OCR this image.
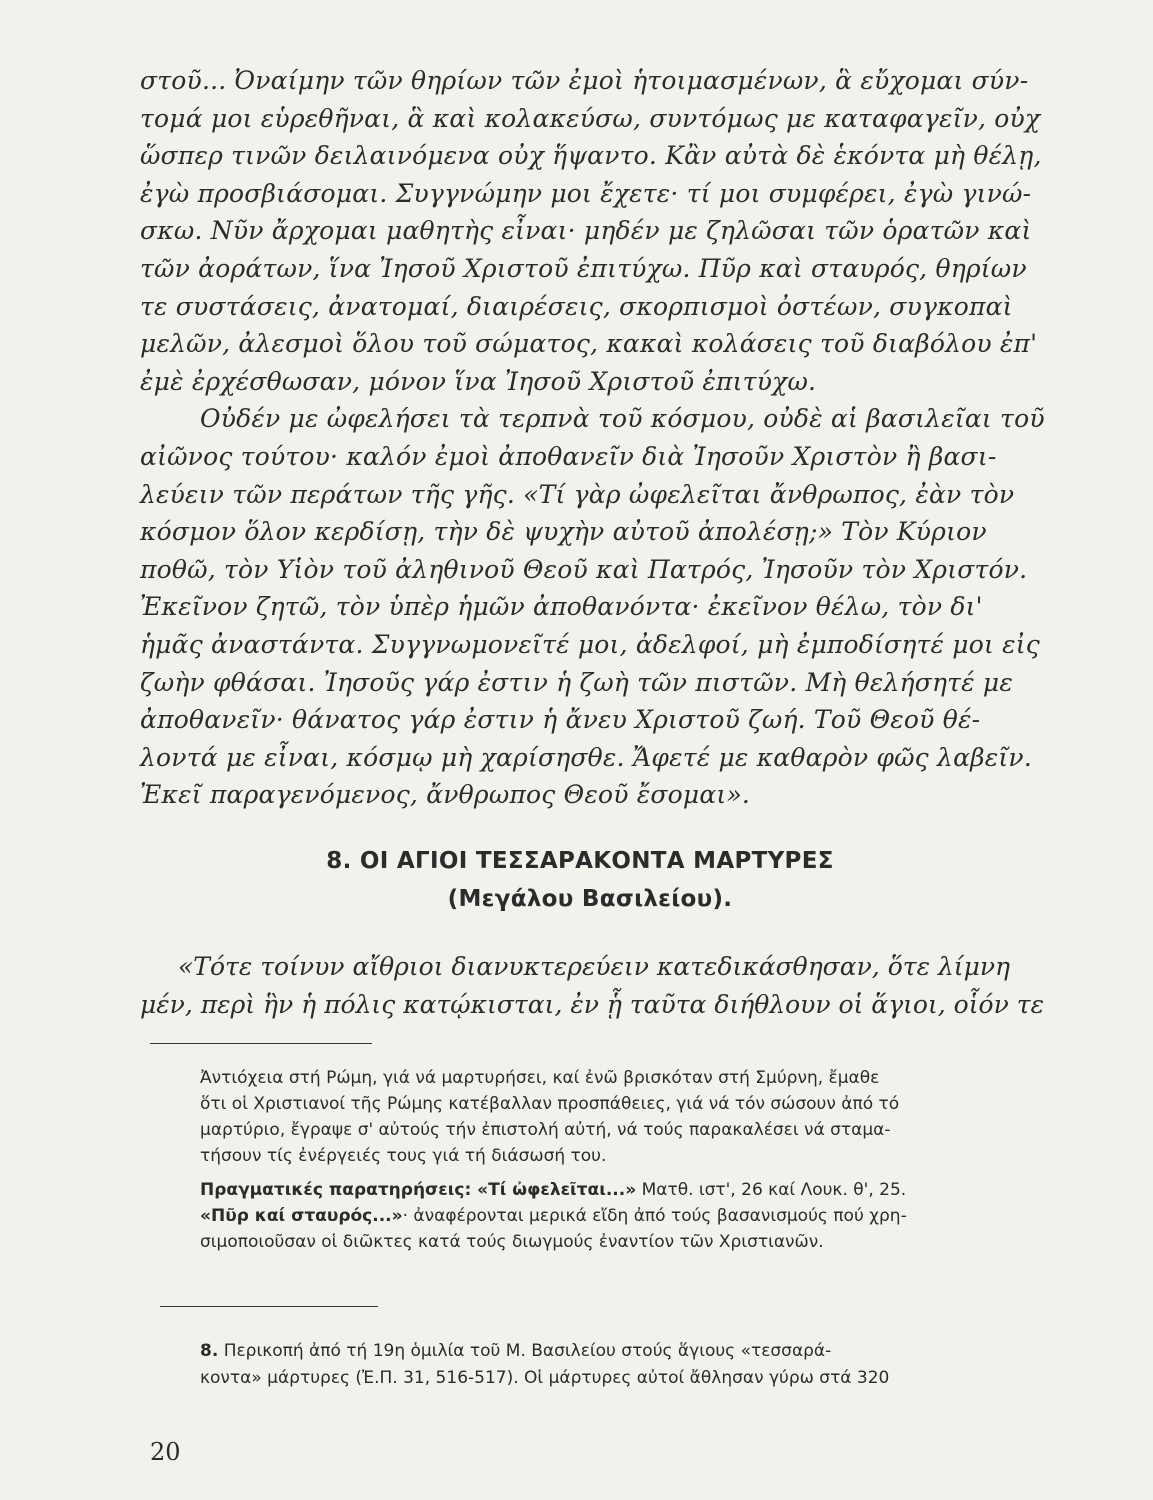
στοῦ... Ὀναίμην τῶν θηρίων τῶν ἐμοὶ ἡτοιμασμένων, ἃ εὔχομαι σύν-
τομά μοι εὑρεθῆναι, ἃ καὶ κολακεύσω, συντόμως με καταφαγεῖν, οὐχ
ὥσπερ τινῶν δειλαινόμενα οὐχ ἥψαντο. Κἂν αὐτὰ δὲ ἑκόντα μὴ θέλῃ,
ἐγὼ προσβιάσομαι. Συγγνώμην μοι ἔχετε· τί μοι συμφέρει, ἐγὼ γινώ-
σκω. Νῦν ἄρχομαι μαθητὴς εἶναι· μηδέν με ζηλῶσαι τῶν ὁρατῶν καὶ
τῶν ἀοράτων, ἵνα Ἰησοῦ Χριστοῦ ἐπιτύχω. Πῦρ καὶ σταυρός, θηρίων
τε συστάσεις, ἀνατομαί, διαιρέσεις, σκορπισμοὶ ὀστέων, συγκοπαὶ
μελῶν, ἀλεσμοὶ ὅλου τοῦ σώματος, κακαὶ κολάσεις τοῦ διαβόλου ἐπ'
ἐμὲ ἐρχέσθωσαν, μόνον ἵνα Ἰησοῦ Χριστοῦ ἐπιτύχω.
Οὐδέν με ὠφελήσει τὰ τερπνὰ τοῦ κόσμου, οὐδὲ αἱ βασιλεῖαι τοῦ
αἰῶνος τούτου· καλόν ἐμοὶ ἀποθανεῖν διὰ Ἰησοῦν Χριστὸν ἢ βασι-
λεύειν τῶν περάτων τῆς γῆς. «Τί γὰρ ὠφελεῖται ἄνθρωπος, ἐὰν τὸν
κόσμον ὅλον κερδίσῃ, τὴν δὲ ψυχὴν αὐτοῦ ἀπολέσῃ;» Τὸν Κύριον
ποθῶ, τὸν Υἱὸν τοῦ ἀληθινοῦ Θεοῦ καὶ Πατρός, Ἰησοῦν τὸν Χριστόν.
Ἐκεῖνον ζητῶ, τὸν ὑπὲρ ἡμῶν ἀποθανόντα· ἐκεῖνον θέλω, τὸν δι'
ἡμᾶς ἀναστάντα. Συγγνωμονεῖτέ μοι, ἀδελφοί, μὴ ἐμποδίσητέ μοι εἰς
ζωὴν φθάσαι. Ἰησοῦς γάρ ἐστιν ἡ ζωὴ τῶν πιστῶν. Μὴ θελήσητέ με
ἀποθανεῖν· θάνατος γάρ ἐστιν ἡ ἄνευ Χριστοῦ ζωή. Τοῦ Θεοῦ θέ-
λοντά με εἶναι, κόσμῳ μὴ χαρίσησθε. Ἄφετέ με καθαρὸν φῶς λαβεῖν.
Ἐκεῖ παραγενόμενος, ἄνθρωπος Θεοῦ ἔσομαι».
8. ΟΙ ΑΓΙΟΙ ΤΕΣΣΑΡΑΚΟΝΤΑ ΜΑΡΤΥΡΕΣ
(Μεγάλου Βασιλείου).
«Τότε τοίνυν αἴθριοι διανυκτερεύειν κατεδικάσθησαν, ὅτε λίμνη
μέν, περὶ ἣν ἡ πόλις κατῴκισται, ἐν ᾗ ταῦτα διήθλουν οἱ ἅγιοι, οἷόν τε
Ἀντιόχεια στή Ρώμη, γιά νά μαρτυρήσει, καί ἐνῶ βρισκόταν στή Σμύρνη, ἔμαθε
ὅτι οἱ Χριστιανοί τῆς Ρώμης κατέβαλλαν προσπάθειες, γιά νά τόν σώσουν ἀπό τό
μαρτύριο, ἔγραψε σ' αὐτούς τήν ἐπιστολή αὐτή, νά τούς παρακαλέσει νά σταμα-
τήσουν τίς ἐνέργειές τους γιά τή διάσωσή του.
Πραγματικές παρατηρήσεις: «Τί ὠφελεῖται...» Ματθ. ιστ', 26 καί Λουκ. θ', 25.
«Πῦρ καί σταυρός...»· ἀναφέρονται μερικά εἴδη ἀπό τούς βασανισμούς πού χρη-
σιμοποιοῦσαν οἱ διῶκτες κατά τούς διωγμούς ἐναντίον τῶν Χριστιανῶν.
8. Περικοπή ἀπό τή 19η ὁμιλία τοῦ Μ. Βασιλείου στούς ἅγιους «τεσσαρά-
κοντα» μάρτυρες (Ἐ.Π. 31, 516-517). Οἱ μάρτυρες αὐτοί ἄθλησαν γύρω στά 320
20
